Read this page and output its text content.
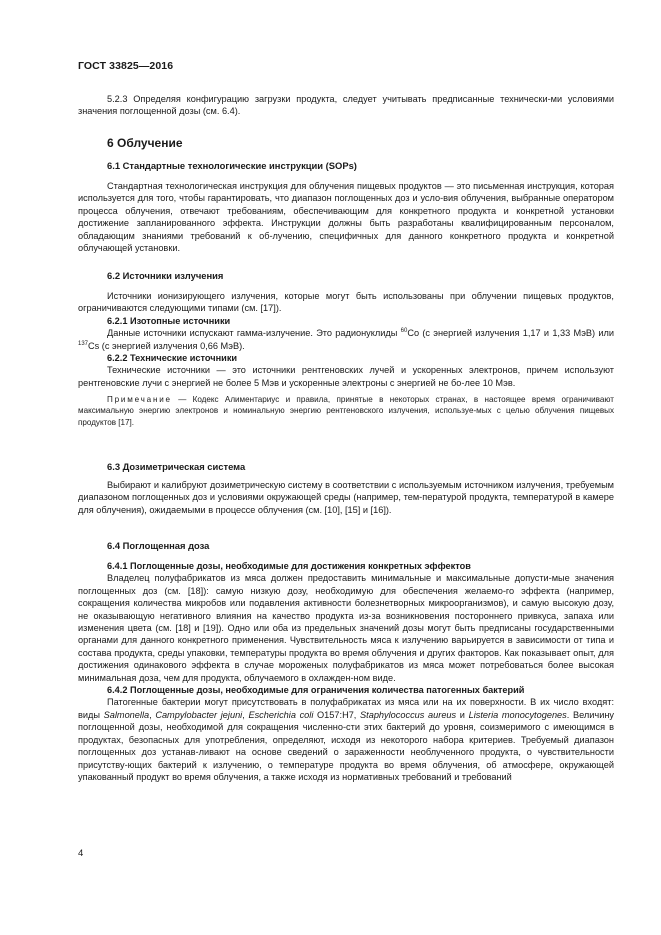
ГОСТ 33825—2016

5.2.3 Определяя конфигурацию загрузки продукта, следует учитывать предписанные технически-ми условиями значения поглощенной дозы (см. 6.4).

6 Облучение
6.1 Стандартные технологические инструкции (SOPs)

Стандартная технологическая инструкция для облучения пищевых продуктов — это письменная инструкция, которая используется для того, чтобы гарантировать, что диапазон поглощенных доз и усло-вия облучения, выбранные оператором процесса облучения, отвечают требованиям, обеспечивающим для конкретного продукта и конкретной установки достижение запланированного эффекта. Инструкции должны быть разработаны квалифицированным персоналом, обладающим знаниями требований к об-лучению, специфичных для данного конкретного продукта и конкретной облучающей установки.

6.2 Источники излучения

Источники ионизирующего излучения, которые могут быть использованы при облучении пищевых продуктов, ограничиваются следующими типами (см. [17]).

6.2.1 Изотопные источники

Данные источники испускают гамма-излучение. Это радионуклиды $^{60}$Co (с энергией излучения 1,17 и 1,33 МэВ) или $^{137}$Cs (с энергией излучения 0,66 МэВ).

6.2.2 Технические источники

Технические источники — это источники рентгеновских лучей и ускоренных электронов, причем используют рентгеновские лучи с энергией не более 5 Мэв и ускоренные электроны с энергией не бо-лее 10 Мэв.

Примечание — Кодекс Алиментариус и правила, принятые в некоторых странах, в настоящее время ограничивают максимальную энергию электронов и номинальную энергию рентгеновского излучения, использye-мых с целью облучения пищевых продуктов [17].

6.3 Дозиметрическая система

Выбирают и калибруют дозиметрическую систему в соответствии с используемым источником излучения, требуемым диапазоном поглощенных доз и условиями окружающей среды (например, тем-пературой продукта, температурой в камере для облучения), ожидаемыми в процессе облучения (см. [10], [15] и [16]).

6.4 Поглощенная доза

6.4.1 Поглощенные дозы, необходимые для достижения конкретных эффектов

Владелец полуфабрикатов из мяса должен предоставить минимальные и максимальные допусти-мые значения поглощенных доз (см. [18]): самую низкую дозу, необходимую для обеспечения желаемо-го эффекта (например, сокращения количества микробов или подавления активности болезнетворных микроорганизмов), и самую высокую дозу, не оказывающую негативного влияния на качество продукта из-за возникновения постороннего привкуса, запаха или изменения цвета (см. [18] и [19]). Одно или оба из предельных значений дозы могут быть предписаны государственными органами для данного конкретного применения. Чувствительность мяса к излучению варьируется в зависимости от типа и состава продукта, среды упаковки, температуры продукта во время облучения и других факторов. Как показывает опыт, для достижения одинакового эффекта в случае мороженых полуфабрикатов из мяса может потребоваться более высокая минимальная доза, чем для продукта, облучаемого в охлажден-ном виде.

6.4.2 Поглощенные дозы, необходимые для ограничения количества патогенных бактерий

Патогенные бактерии могут присутствовать в полуфабрикатах из мяса или на их поверхности. В их число входят: виды Salmonella, Campylobacter jejuni, Escherichia coli O157:H7, Staphylococcus aureus и Listeria monocytogenes. Величину поглощенной дозы, необходимой для сокращения численно-сти этих бактерий до уровня, соизмеримого с имеющимся в продуктах, безопасных для употребления, определяют, исходя из некоторого набора критериев. Требуемый диапазон поглощенных доз устанав-ливают на основе сведений о зараженности необлученного продукта, о чувствительности присутству-ющих бактерий к излучению, о температуре продукта во время облучения, об атмосфере, окружающей упакованный продукт во время облучения, а также исходя из нормативных требований и требований

4
